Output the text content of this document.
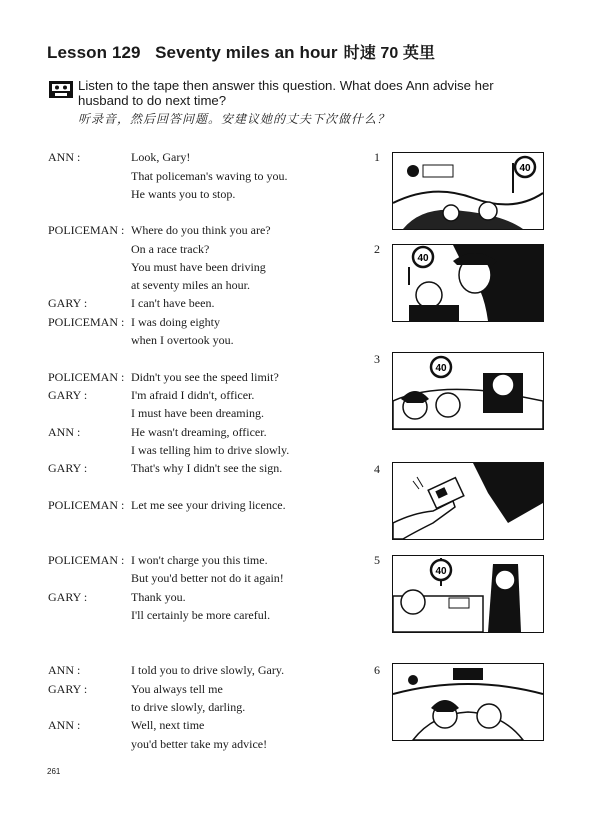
Lesson 129   Seventy miles an hour 时速 70 英里
Listen to the tape then answer this question. What does Ann advise her husband to do next time?
听录音，然后回答问题。安建议她的丈夫下次做什么？
ANN :	Look, Gary!
That policeman's waving to you.
He wants you to stop.
POLICEMAN : Where do you think you are?
On a race track?
You must have been driving
at seventy miles an hour.
GARY :	I can't have been.
POLICEMAN : I was doing eighty
when I overtook you.
POLICEMAN : Didn't you see the speed limit?
GARY :	I'm afraid I didn't, officer.
I must have been dreaming.
ANN :	He wasn't dreaming, officer.
I was telling him to drive slowly.
GARY :	That's why I didn't see the sign.
POLICEMAN : Let me see your driving licence.
POLICEMAN : I won't charge you this time.
But you'd better not do it again!
GARY :	Thank you.
I'll certainly be more careful.
ANN :	I told you to drive slowly, Gary.
GARY :	You always tell me
to drive slowly, darling.
ANN :	Well, next time
you'd better take my advice!
1
40
2
40
3
40
4
5
40
6
261
